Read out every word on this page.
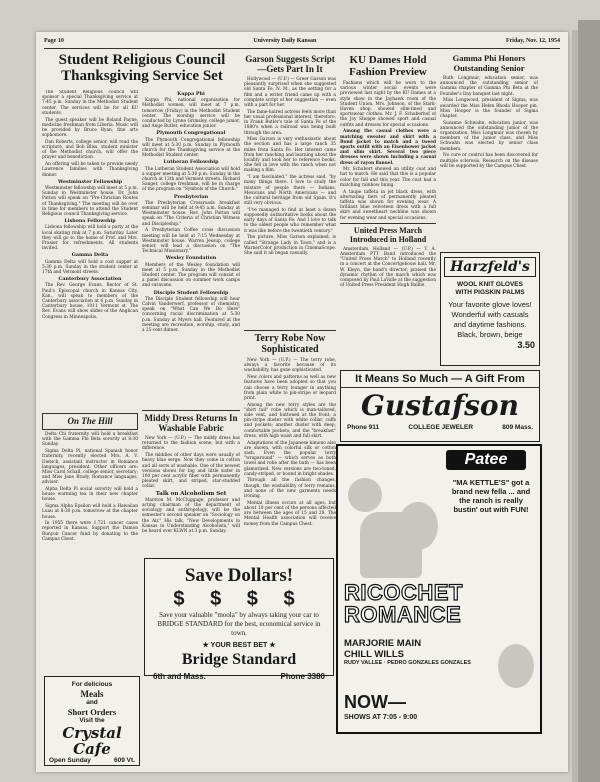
Page 10	University Daily Kansan	Friday, Nov. 12, 1954
Student Religious Council Thanksgiving Service Set

The Student Religious council will sponsor a special Thanksgiving service at 7:45 p.m. Sunday in the Methodist Student center. The services will be for all KU students.

The guest speaker will be Roland Payne, medicine freshman from Liberia. Music will be provided by Bruce Ryan, fine arts sophomore.

Dan Roberts, college senior, will read the scripture, and Bob Bliss, student minister of the Methodist church, will offer the prayer and benediction.

An offering will be taken to provide needy Lawrence families with Thanksgiving dinner.

Westminster Fellowship

Westminster fellowship will meet at 5 p.m. Sunday in Westminster house. Dr. John Patton will speak on "Pre-Christian Routes of Thanksgiving." The meeting will be over in time for members to attend the Student Religious council Thanksgiving service.

Lisbona Fellowship

Lisbona fellowship will hold a party at the local skating rink at 7 p.m. Saturday. Later they will go to the home of Prof. and Mrs. Frasier for refreshments. All students invited.

Gamma Delta

Gamma Delta will hold a cost supper at 5:30 p.m. Sunday in the student center at 17th and Vermont streets.

Canterbury Association

The Rev. George Evans, Rector of St. Paul's Episcopal church in Kansas City, Kan., will speak to members of the Canterbury association at 6 p.m. Sunday in Canterbury house, 1011 Vermont st. The Rev. Evans will show slides of the Anglican Congress in Minneapolis.

On The Hill

Delta Chi fraternity will hold a breakfast with the Gamma Phi Beta sorority at 8:30 Sunday.

Sigma Delta Pi, national Spanish honor fraternity, recently elected Mrs. A. V. Dietsch, assistant instructor in Romance languages, president. Other officers are: Miss Carol Schall, college senior, secretary; and Miss Jane Brady, Romance languages, adviser.

Alpha Delta Pi social sorority will hold a house warming tea in their new chapter house.

Sigma Alpha Epsilon will hold a Hawaiian Luau at 8:30 p.m. tomorrow at the chapter house.

In 1955 there were 1,721 cancer cases reported in Kansas. Support the Damon Runyon Cancer fund by donating to the Campus Chest.

For delicious
Meals
and
Short Orders
Visit the
Crystal Cafe
Open Sunday	609 Vt.
Kappa Phi

Kappa Phi, national organization for Methodist women, will meet at 7 p.m. tomorrow (Friday) in the Methodist Student center. The worship service will be conducted by Lynne Grimsley, college junior, and Ange Butler, education junior.

Plymouth Congregational

The Plymouth Congregational fellowship will meet at 5:30 p.m. Sunday in Plymouth church for the Thanksgiving service at the Methodist Student center.

Lutheran Fellowship

The Lutheran Student Association will hold a supper meeting at 5:30 p.m. Sunday in the church at 13th and Vermont streets. Richard Sanger, college freshman, will be in charge of the program on "Symbols of the Church."

Presbyterian

The Presbyterian Crossroads breakfast seminar will be held at 9:45 a.m. Sunday at Westminster house. Rev. John Patton will speak on "The Criteria of Christian Witness and Discipleship."

A Presbyterian Coffee cross discussion meeting will be held at 7:15 Wednesday at Westminster house. Warren Jessup, college senior, will lead a discussion on "The Technical Missionary."

Wesley Foundation

Members of the Wesley foundation will meet at 5 p.m. Sunday in the Methodist Student center. The program will consist of a panel discussion on summer work camps and caravans.

Disciple Student Fellowship

The Disciple Student fellowship will hear Calvin Vanderwerf, professor of chemistry, speak on "What Can We Do Here" concerning racial discrimination at 5:30 p.m. Sunday at Myers hall. Featured at the meeting are recreation, worship, study, and a 25-cent dinner.

Middy Dress Returns In Washable Fabric

New York — (U.P.) — The middy dress has returned to the fashion scene, but with a difference.

The middies of other days were usually of heavy blue serge. Now they come in cotton and all sorts of washable. One of the newest versions shows for big and little sister in 100 per cent acrylic fiber with permanently pleated skirt, and striped, star-studded collar.

Talk on Alcoholism Set

Marston M. McCluggage, professor and acting chairman of the department of sociology and anthropology, will be the semester's second speaker on "Sociology on the Air." His talk, "New Developments in Kansas in Understanding Alcoholism," will be heard over KLWN at 3 p.m. Sunday.

Save Dollars!
$ $ $ $
Save your valuable "moola" by always taking your car to BRIDGE STANDARD for the best, economical service in town.
★ YOUR BEST BET ★
Bridge Standard
6th and Mass.	Phone 3380
Garson Suggests Script—Gets Part In It

Hollywood — (U.P.) — Greer Garson was pleasantly surprised when she suggested old Santa Fe, N. M., as the setting for a film and a writer friend came up with a complete script of her suggestion — even with a part for her.

The fame-haired actress feels more than her usual professional interest, therefore, in Frank Butler's tale of Santa Fe of the 1880's when a railroad was being built through the area.

Miss Garson is very enthusiastic about the section and has a large ranch 35 miles from Santa Fe. Her interest came from her ranching and learning about the locality and took her to reference books. She fell in love with the ranch when not making a film.

"I am fascinated," the actress said, "by many things there. I love to study the mixture of people there — Indians, Mexicans and North Americans — and the cultural heritage from old Spain. It's still very obvious.

"I've managed to find at least a dozen supposedly authoritative books about the early days of Santa Fe. And I love to talk to the oldest people who remember what it was like before the twentieth century."

The picture, Miss Garson explained, is called "Strange Lady in Town," and is a WarnerColor production in CinemaScope. She said it all began casually.

Terry Robe Now Sophisticated

New York — (U.P.) — The terry robe, always a favorite because of its washability, has gone sophisticated.

New colors and patterns as well as new features have been adopted so that you can choose a terry lounger in anything from plain white to pin-stripe or leopard print.

Among the new terry styles are the "shirt tail" robe which is man-tailored, side vent, and buttoned at the front, a pin-stripe duster with white collar, cuffs and pockets; another duster with deep, comfortable pockets; and the "breakfast" dress, with high waist and full skirt.

Adaptations of the Japanese kimono also are shown, with colorful silk or cotton sash. Even the popular terry "wraparound" — which serves as both towel and robe after the bath — has been glamorized. New versions are two-toned, candy-striped, or bound in bright shades.

Through all the fashion changes, though, the washability of terry remains, and none of the new garments needs ironing.

Mental illness occurs at all ages, but about 10 per cent of the persons affected are between the ages of 15 and 29. The Mental Health association will receive money from the Campus Chest.

KU Dames Hold Fashion Preview

Fashions which will be worn to the various winter social events were previewed last night by the KU Dames at a style show in the Jayhawk room of the Student Union. Mrs. Johnson, of the Stark-Haven shop, showed slim-lined and sportswear clothes. Mr. J. F. Schuberhof of the Joy Shoppe showed sport and casual outfits and dresses for special occasions.

Among the casual clothes were a matching sweater and skirt with a Bond jacket to match and a tweed sports outfit with an Eisenhower jacket and slim skirt. Several two piece dresses were shown including a casual dress of rayon flannel.

Mr. Schubert showed an utility coat and hat to match. He said that this is a popular color for fall and this year. The coat had a matching rainbow lining.

A taupe taffeta in jet black dress, with alternating tiers of permanently pleated taffeta was shown for evening wear. A brilliant blue velveteen dress with a full skirt and sweetheart neckline was shown for evening wear and special occasions.

United Press March Introduced in Holland

Amsterdam, Holland — (U.P.) — T. A. Amsterdam PTT Band introduced the "United Press March" to Holland recently in a concert at the Concertgebouw hall. Mr. W. Kleyn, the band's director, praised the dynamic rhythm of the march which was composed by Paul LaValle at the suggestion of United Press President Hugh Baillie.

Gamma Phi Honors Outstanding Senior

Ruth Longmuir, education senior, was announced the outstanding senior of Gamma chapter of Gamma Phi Beta at the Founder's Day banquet last night.

Miss Longwood, president of Sigma, was awarded the Miss Helen Rhoda Hooper pin. Miss Hooper is the founder of Sigma chapter.

Suzanne Schwahn, education junior, was announced the outstanding junior of the organization. Miss Longmuir was chosen by members of the junior class, and Miss Schwahn was elected by senior class members.

No cure or control has been discovered for multiple sclerosis. Research on the disease will be supported by the Campus Chest.

Harzfeld's
WOOL KNIT GLOVES
WITH PIGSKIN PALMS
Your favorite glove loves! Wonderful with casuals and daytime fashions.
Black, brown, beige
3.50
It Means So Much — A Gift From
Gustafson
Phone 911	COLLEGE JEWELER	809 Mass.
Patee
"MA KETTLE'S" got a brand new fella ... and the ranch is really bustin' out with FUN!
RICOCHET ROMANCE
MARJORIE MAIN
CHILL WILLS
RUDY VALLEE · PEDRO GONZALES GONZALES
NOW—
SHOWS AT 7:05 - 9:00
